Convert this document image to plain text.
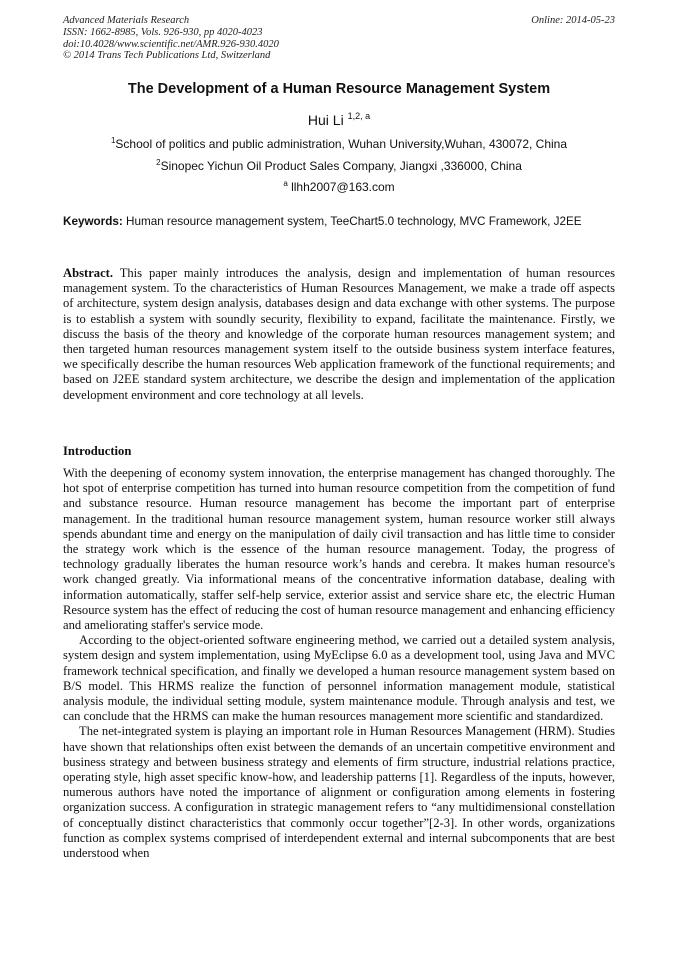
Advanced Materials Research
ISSN: 1662-8985, Vols. 926-930, pp 4020-4023
doi:10.4028/www.scientific.net/AMR.926-930.4020
© 2014 Trans Tech Publications Ltd, Switzerland
Online: 2014-05-23
The Development of a Human Resource Management System
Hui Li $^{1,2, a}$
$^1$School of politics and public administration, Wuhan University,Wuhan, 430072, China
$^2$Sinopec Yichun Oil Product Sales Company, Jiangxi ,336000, China
$^a$ llhh2007@163.com
Keywords: Human resource management system, TeeChart5.0 technology, MVC Framework, J2EE
Abstract. This paper mainly introduces the analysis, design and implementation of human resources management system. To the characteristics of Human Resources Management, we make a trade off aspects of architecture, system design analysis, databases design and data exchange with other systems. The purpose is to establish a system with soundly security, flexibility to expand, facilitate the maintenance. Firstly, we discuss the basis of the theory and knowledge of the corporate human resources management system; and then targeted human resources management system itself to the outside business system interface features, we specifically describe the human resources Web application framework of the functional requirements; and based on J2EE standard system architecture, we describe the design and implementation of the application development environment and core technology at all levels.
Introduction

With the deepening of economy system innovation, the enterprise management has changed thoroughly. The hot spot of enterprise competition has turned into human resource competition from the competition of fund and substance resource. Human resource management has become the important part of enterprise management. In the traditional human resource management system, human resource worker still always spends abundant time and energy on the manipulation of daily civil transaction and has little time to consider the strategy work which is the essence of the human resource management. Today, the progress of technology gradually liberates the human resource work’s hands and cerebra. It makes human resource's work changed greatly. Via informational means of the concentrative information database, dealing with information automatically, staffer self-help service, exterior assist and service share etc, the electric Human Resource system has the effect of reducing the cost of human resource management and enhancing efficiency and ameliorating staffer's service mode.

According to the object-oriented software engineering method, we carried out a detailed system analysis, system design and system implementation, using MyEclipse 6.0 as a development tool, using Java and MVC framework technical specification, and finally we developed a human resource management system based on B/S model. This HRMS realize the function of personnel information management module, statistical analysis module, the individual setting module, system maintenance module. Through analysis and test, we can conclude that the HRMS can make the human resources management more scientific and standardized.

The net-integrated system is playing an important role in Human Resources Management (HRM). Studies have shown that relationships often exist between the demands of an uncertain competitive environment and business strategy and between business strategy and elements of firm structure, industrial relations practice, operating style, high asset specific know-how, and leadership patterns [1]. Regardless of the inputs, however, numerous authors have noted the importance of alignment or configuration among elements in fostering organization success. A configuration in strategic management refers to “any multidimensional constellation of conceptually distinct characteristics that commonly occur together”[2-3]. In other words, organizations function as complex systems comprised of interdependent external and internal subcomponents that are best understood when
